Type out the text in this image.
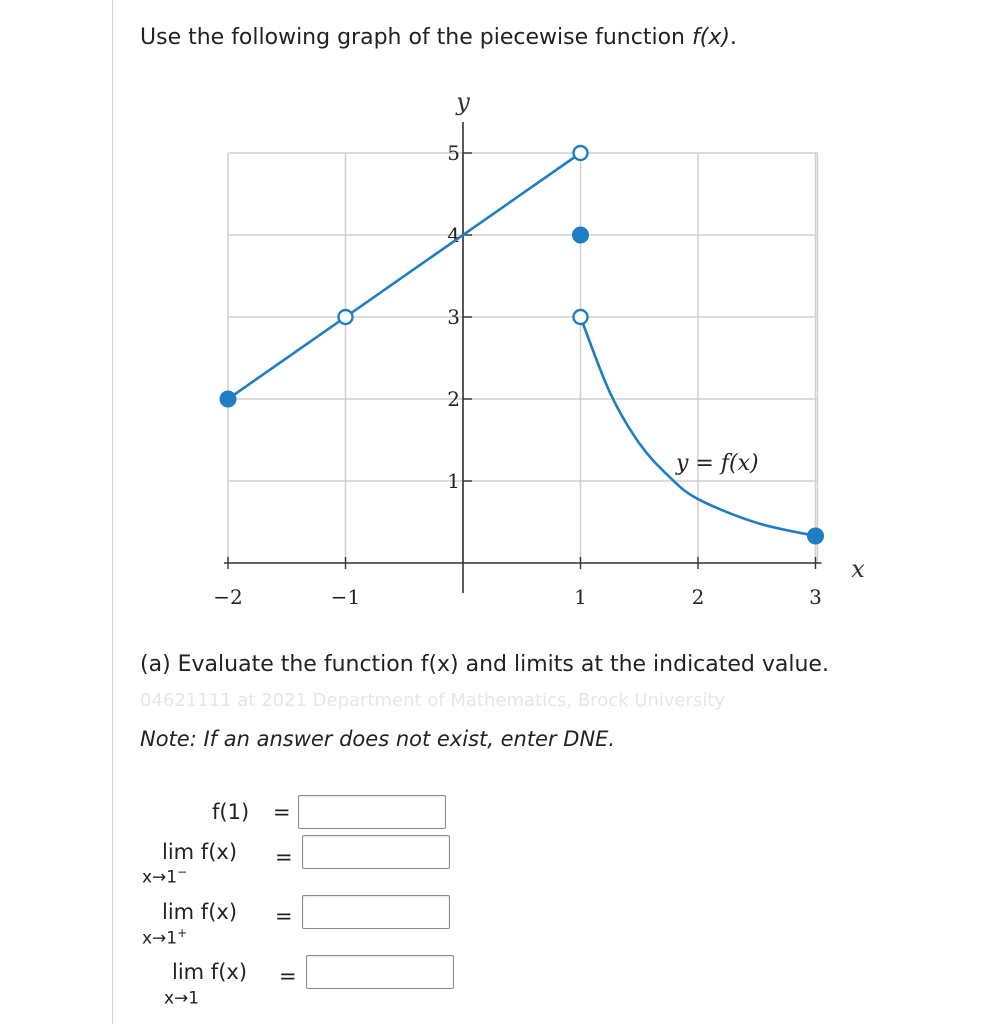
Use the following graph of the piecewise function f(x).
y
x
−2	−1	1	2	3
1
2
3
4
5
y = f(x)
(a) Evaluate the function f(x) and limits at the indicated value.
04621111 at 2021 Department of Mathematics, Brock University
Note: If an answer does not exist, enter DNE.
f(1) =
lim f(x)
x→1−
=
lim f(x)
x→1+
=
lim f(x)
x→1
=
